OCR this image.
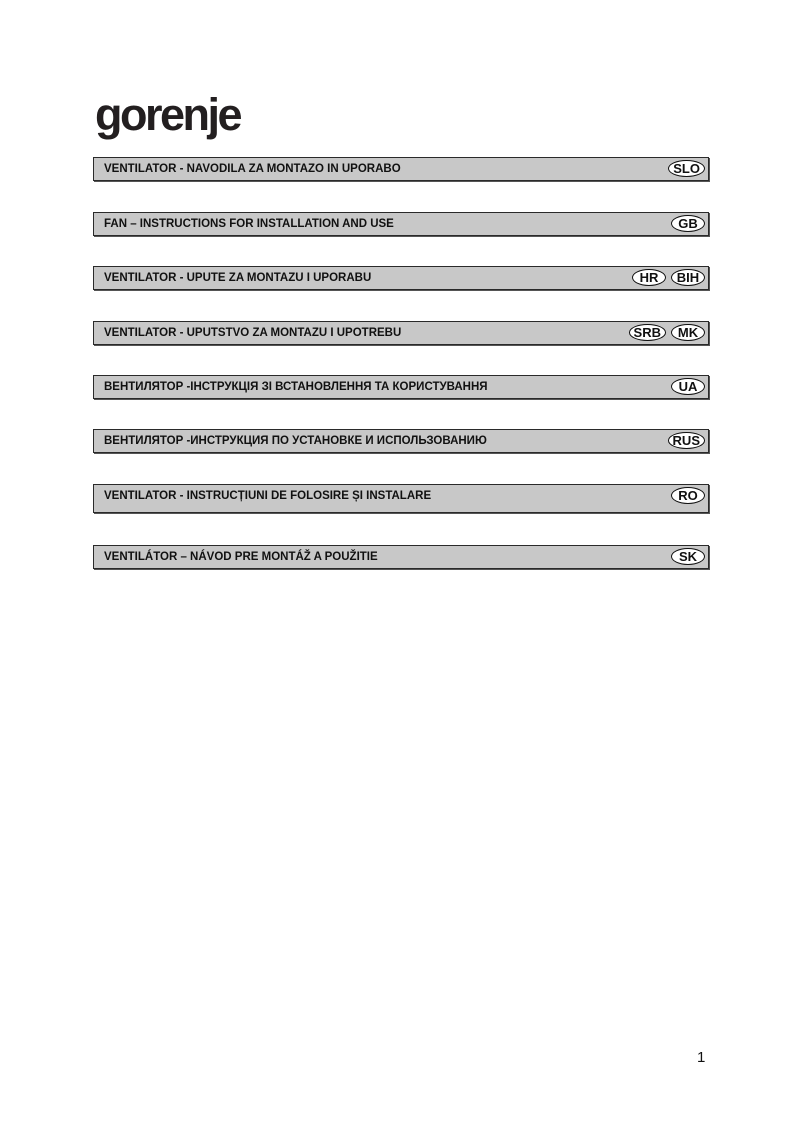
gorenje
VENTILATOR - NAVODILA ZA MONTAZO IN UPORABO	SLO
FAN – INSTRUCTIONS FOR INSTALLATION AND USE	GB
VENTILATOR - UPUTE ZA MONTAZU I UPORABU	HR	BIH
VENTILATOR - UPUTSTVO ZA MONTAZU I UPOTREBU	SRB	MK
ВЕНТИЛЯТОР -ІНСТРУКЦІЯ ЗІ ВСТАНОВЛЕННЯ ТА КОРИСТУВАННЯ	UA
ВЕНТИЛЯТОР -ИНСТРУКЦИЯ ПО УСТАНОВКЕ И ИСПОЛЬЗОВАНИЮ	RUS
VENTILATOR - INSTRUCȚIUNI DE FOLOSIRE ȘI INSTALARE	RO
VENTILÁTOR – NÁVOD PRE MONTÁŽ A POUŽITIE	SK
1
